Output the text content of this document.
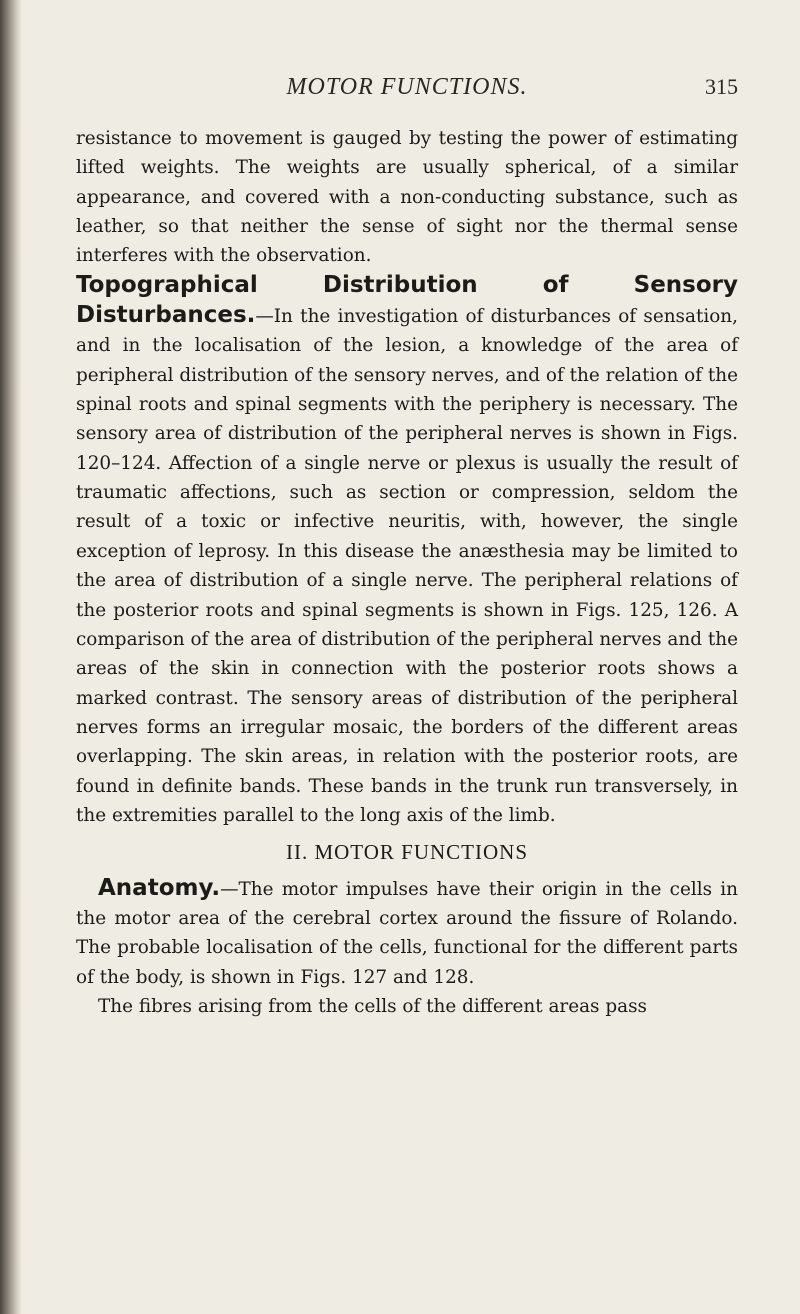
MOTOR FUNCTIONS.	315

resistance to movement is gauged by testing the power of estimating lifted weights. The weights are usually spherical, of a similar appearance, and covered with a non-conducting substance, such as leather, so that neither the sense of sight nor the thermal sense interferes with the observation.

Topographical Distribution of Sensory Disturbances.—In the investigation of disturbances of sensation, and in the localisation of the lesion, a knowledge of the area of peripheral distribution of the sensory nerves, and of the relation of the spinal roots and spinal segments with the periphery is necessary. The sensory area of distribution of the peripheral nerves is shown in Figs. 120–124. Affection of a single nerve or plexus is usually the result of traumatic affections, such as section or compression, seldom the result of a toxic or infective neuritis, with, however, the single exception of leprosy. In this disease the anæsthesia may be limited to the area of distribution of a single nerve. The peripheral relations of the posterior roots and spinal segments is shown in Figs. 125, 126. A comparison of the area of distribution of the peripheral nerves and the areas of the skin in connection with the posterior roots shows a marked contrast. The sensory areas of distribution of the peripheral nerves forms an irregular mosaic, the borders of the different areas overlapping. The skin areas, in relation with the posterior roots, are found in definite bands. These bands in the trunk run transversely, in the extremities parallel to the long axis of the limb.

II. MOTOR FUNCTIONS

Anatomy.—The motor impulses have their origin in the cells in the motor area of the cerebral cortex around the fissure of Rolando. The probable localisation of the cells, functional for the different parts of the body, is shown in Figs. 127 and 128.

The fibres arising from the cells of the different areas pass
